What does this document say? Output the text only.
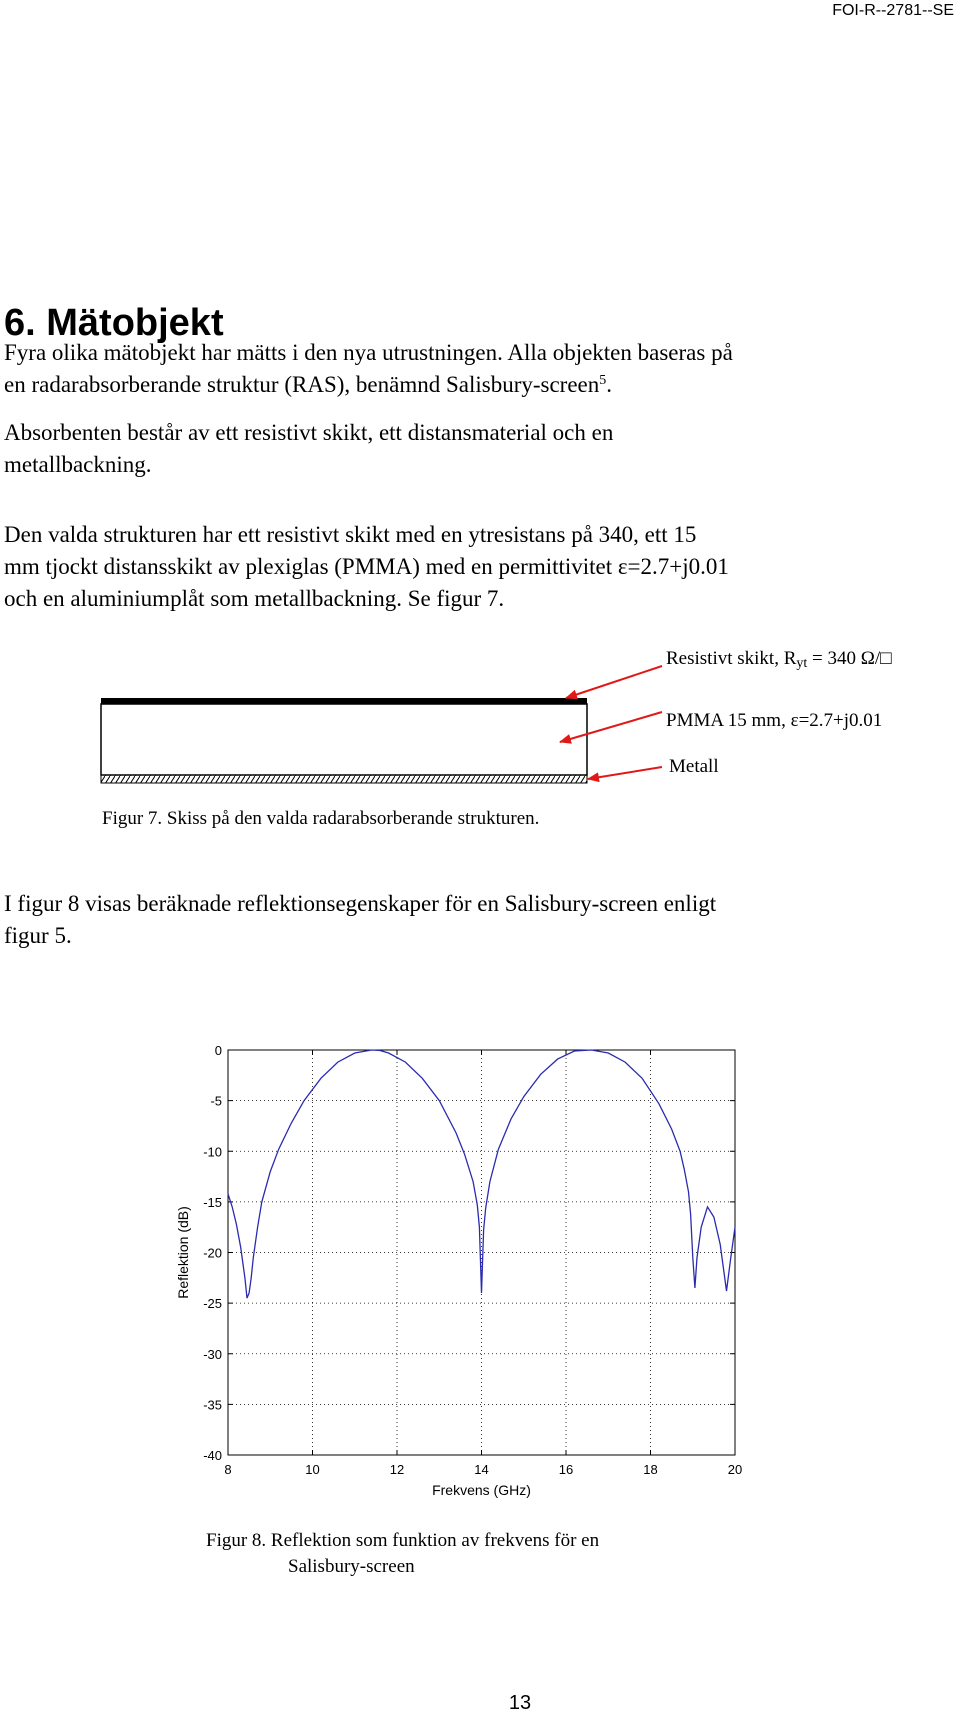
FOI-R--2781--SE
6. Mätobjekt

Fyra olika mätobjekt har mätts i den nya utrustningen. Alla objekten baseras på
en radarabsorberande struktur (RAS), benämnd Salisbury-screen$^5$.

Absorbenten består av ett resistivt skikt, ett distansmaterial och en
metallbackning.

Den valda strukturen har ett resistivt skikt med en ytresistans på 340, ett 15
mm tjockt distansskikt av plexiglas (PMMA) med en permittivitet ε=2.7+j0.01
och en aluminiumplåt som metallbackning. Se figur 7.

Resistivt skikt, $R_{yt} = 340$ Ω/□
PMMA 15 mm, ε=2.7+j0.01
Metall
Figur 7. Skiss på den valda radarabsorberande strukturen.

I figur 8 visas beräknade reflektionsegenskaper för en Salisbury-screen enligt
figur 5.

8	10	12	14	16	18	20
0
-5
-10
-15
-20
-25
-30
-35
-40
Frekvens (GHz)
Reflektion (dB)
Figur 8. Reflektion som funktion av frekvens för en
Salisbury-screen
13
